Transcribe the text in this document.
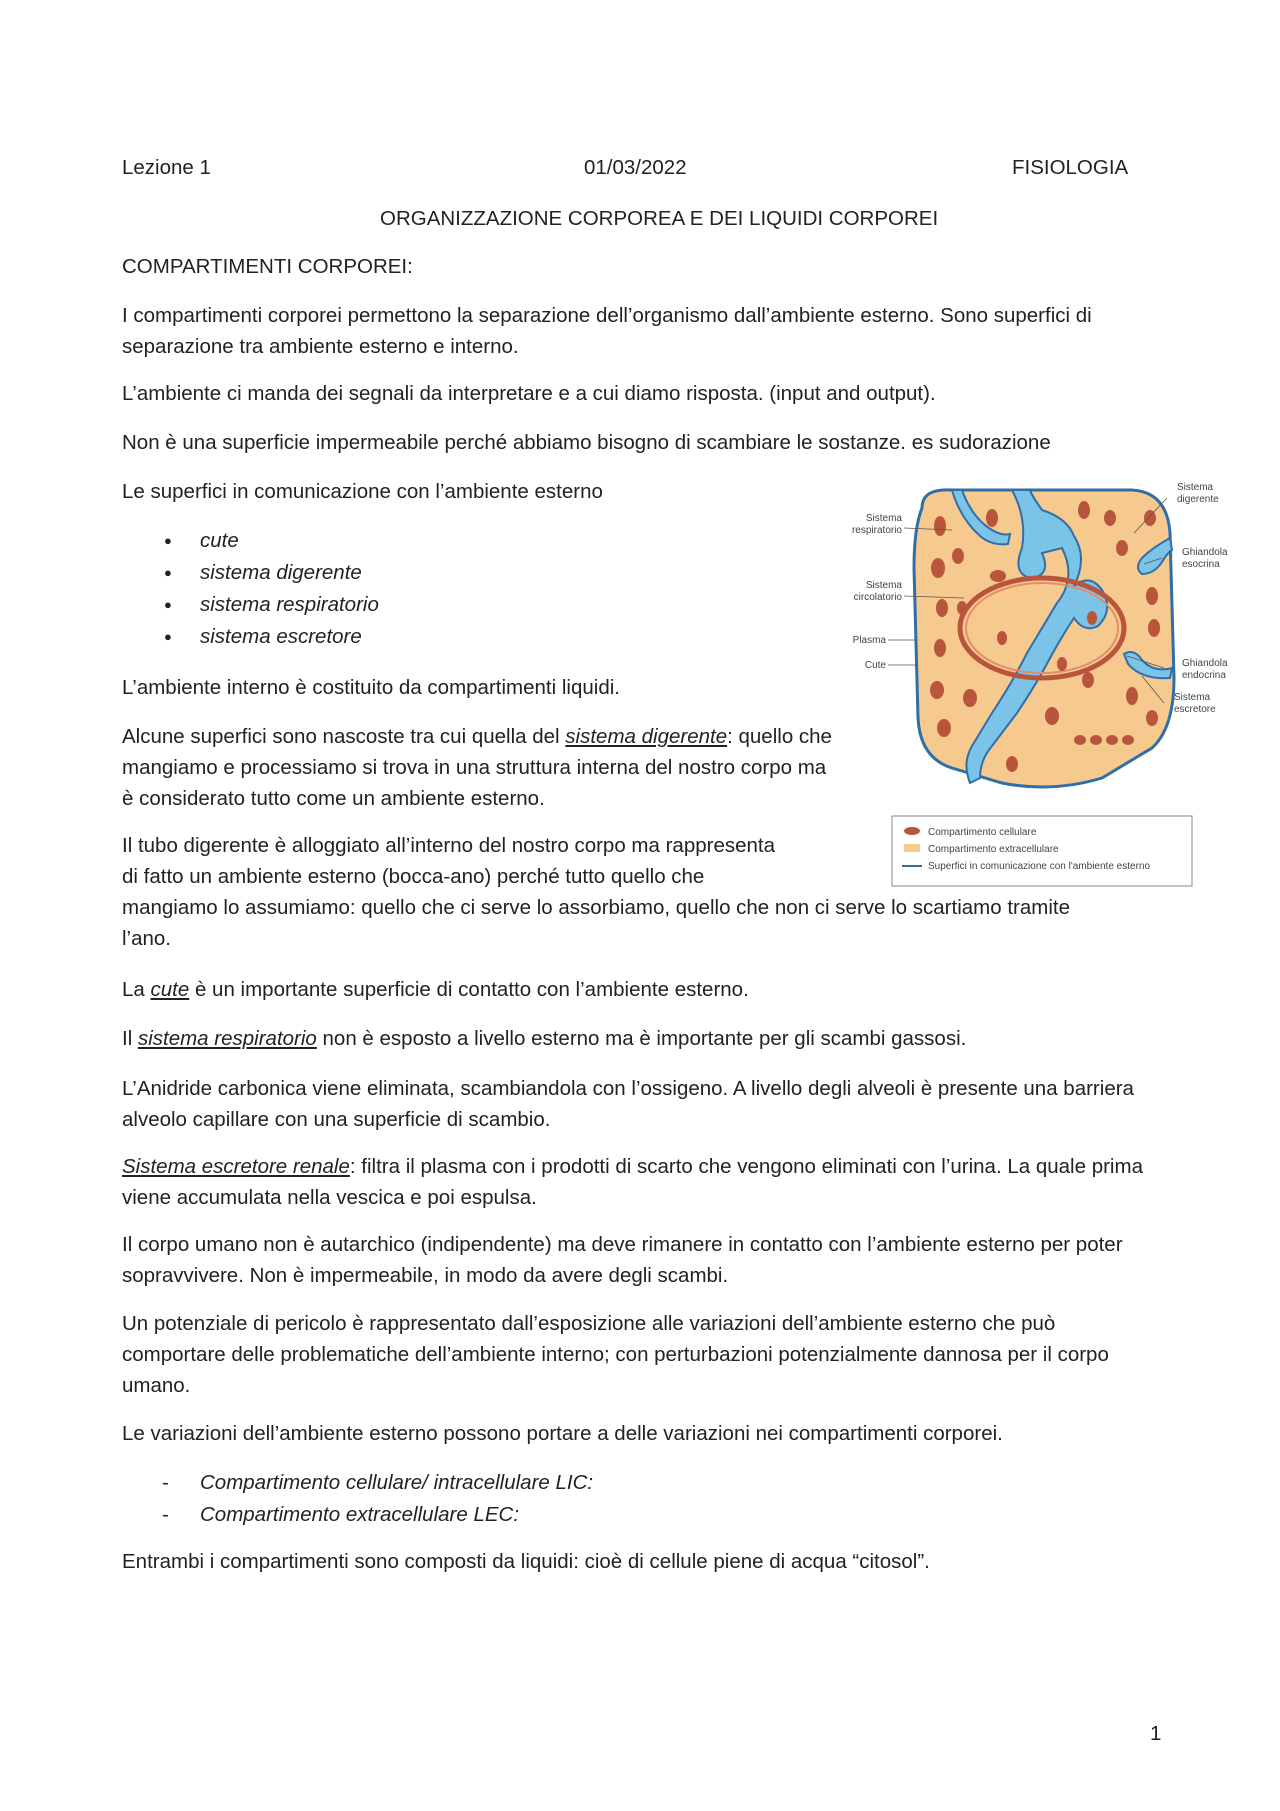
Lezione 1	01/03/2022	FISIOLOGIA
ORGANIZZAZIONE CORPOREA E DEI LIQUIDI CORPOREI
COMPARTIMENTI CORPOREI:
I compartimenti corporei permettono la separazione dell’organismo dall’ambiente esterno. Sono superfici di separazione tra ambiente esterno e interno.
L’ambiente ci manda dei segnali da interpretare e a cui diamo risposta. (input and output).
Non è una superficie impermeabile perché abbiamo bisogno di scambiare le sostanze. es sudorazione
Le superfici in comunicazione con l’ambiente esterno
● cute
● sistema digerente
● sistema respiratorio
● sistema escretore
L’ambiente interno è costituito da compartimenti liquidi.
Alcune superfici sono nascoste tra cui quella del sistema digerente: quello che mangiamo e processiamo si trova in una struttura interna del nostro corpo ma è considerato tutto come un ambiente esterno.
Il tubo digerente è alloggiato all’interno del nostro corpo ma rappresenta
di fatto un ambiente esterno (bocca-ano) perché tutto quello che
mangiamo lo assumiamo: quello che ci serve lo assorbiamo, quello che non ci serve lo scartiamo tramite
l’ano.
La cute è un importante superficie di contatto con l’ambiente esterno.
Il sistema respiratorio non è esposto a livello esterno ma è importante per gli scambi gassosi.
L’Anidride carbonica viene eliminata, scambiandola con l’ossigeno. A livello degli alveoli è presente una barriera alveolo capillare con una superficie di scambio.
Sistema escretore renale: filtra il plasma con i prodotti di scarto che vengono eliminati con l’urina. La quale prima viene accumulata nella vescica e poi espulsa.
Il corpo umano non è autarchico (indipendente) ma deve rimanere in contatto con l’ambiente esterno per poter sopravvivere. Non è impermeabile, in modo da avere degli scambi.
Un potenziale di pericolo è rappresentato dall’esposizione alle variazioni dell’ambiente esterno che può comportare delle problematiche dell’ambiente interno; con perturbazioni potenzialmente dannosa per il corpo umano.
Le variazioni dell’ambiente esterno possono portare a delle variazioni nei compartimenti corporei.
- Compartimento cellulare/ intracellulare LIC:
- Compartimento extracellulare LEC:
Entrambi i compartimenti sono composti da liquidi: cioè di cellule piene di acqua “citosol”.
1
Sistema
respiratorio
Sistema
circolatorio
Plasma
Cute
Sistema
digerente
Ghiandola
esocrina
Ghiandola
endocrina
Sistema
escretore
Compartimento cellulare
Compartimento extracellulare
Superfici in comunicazione con l'ambiente esterno
